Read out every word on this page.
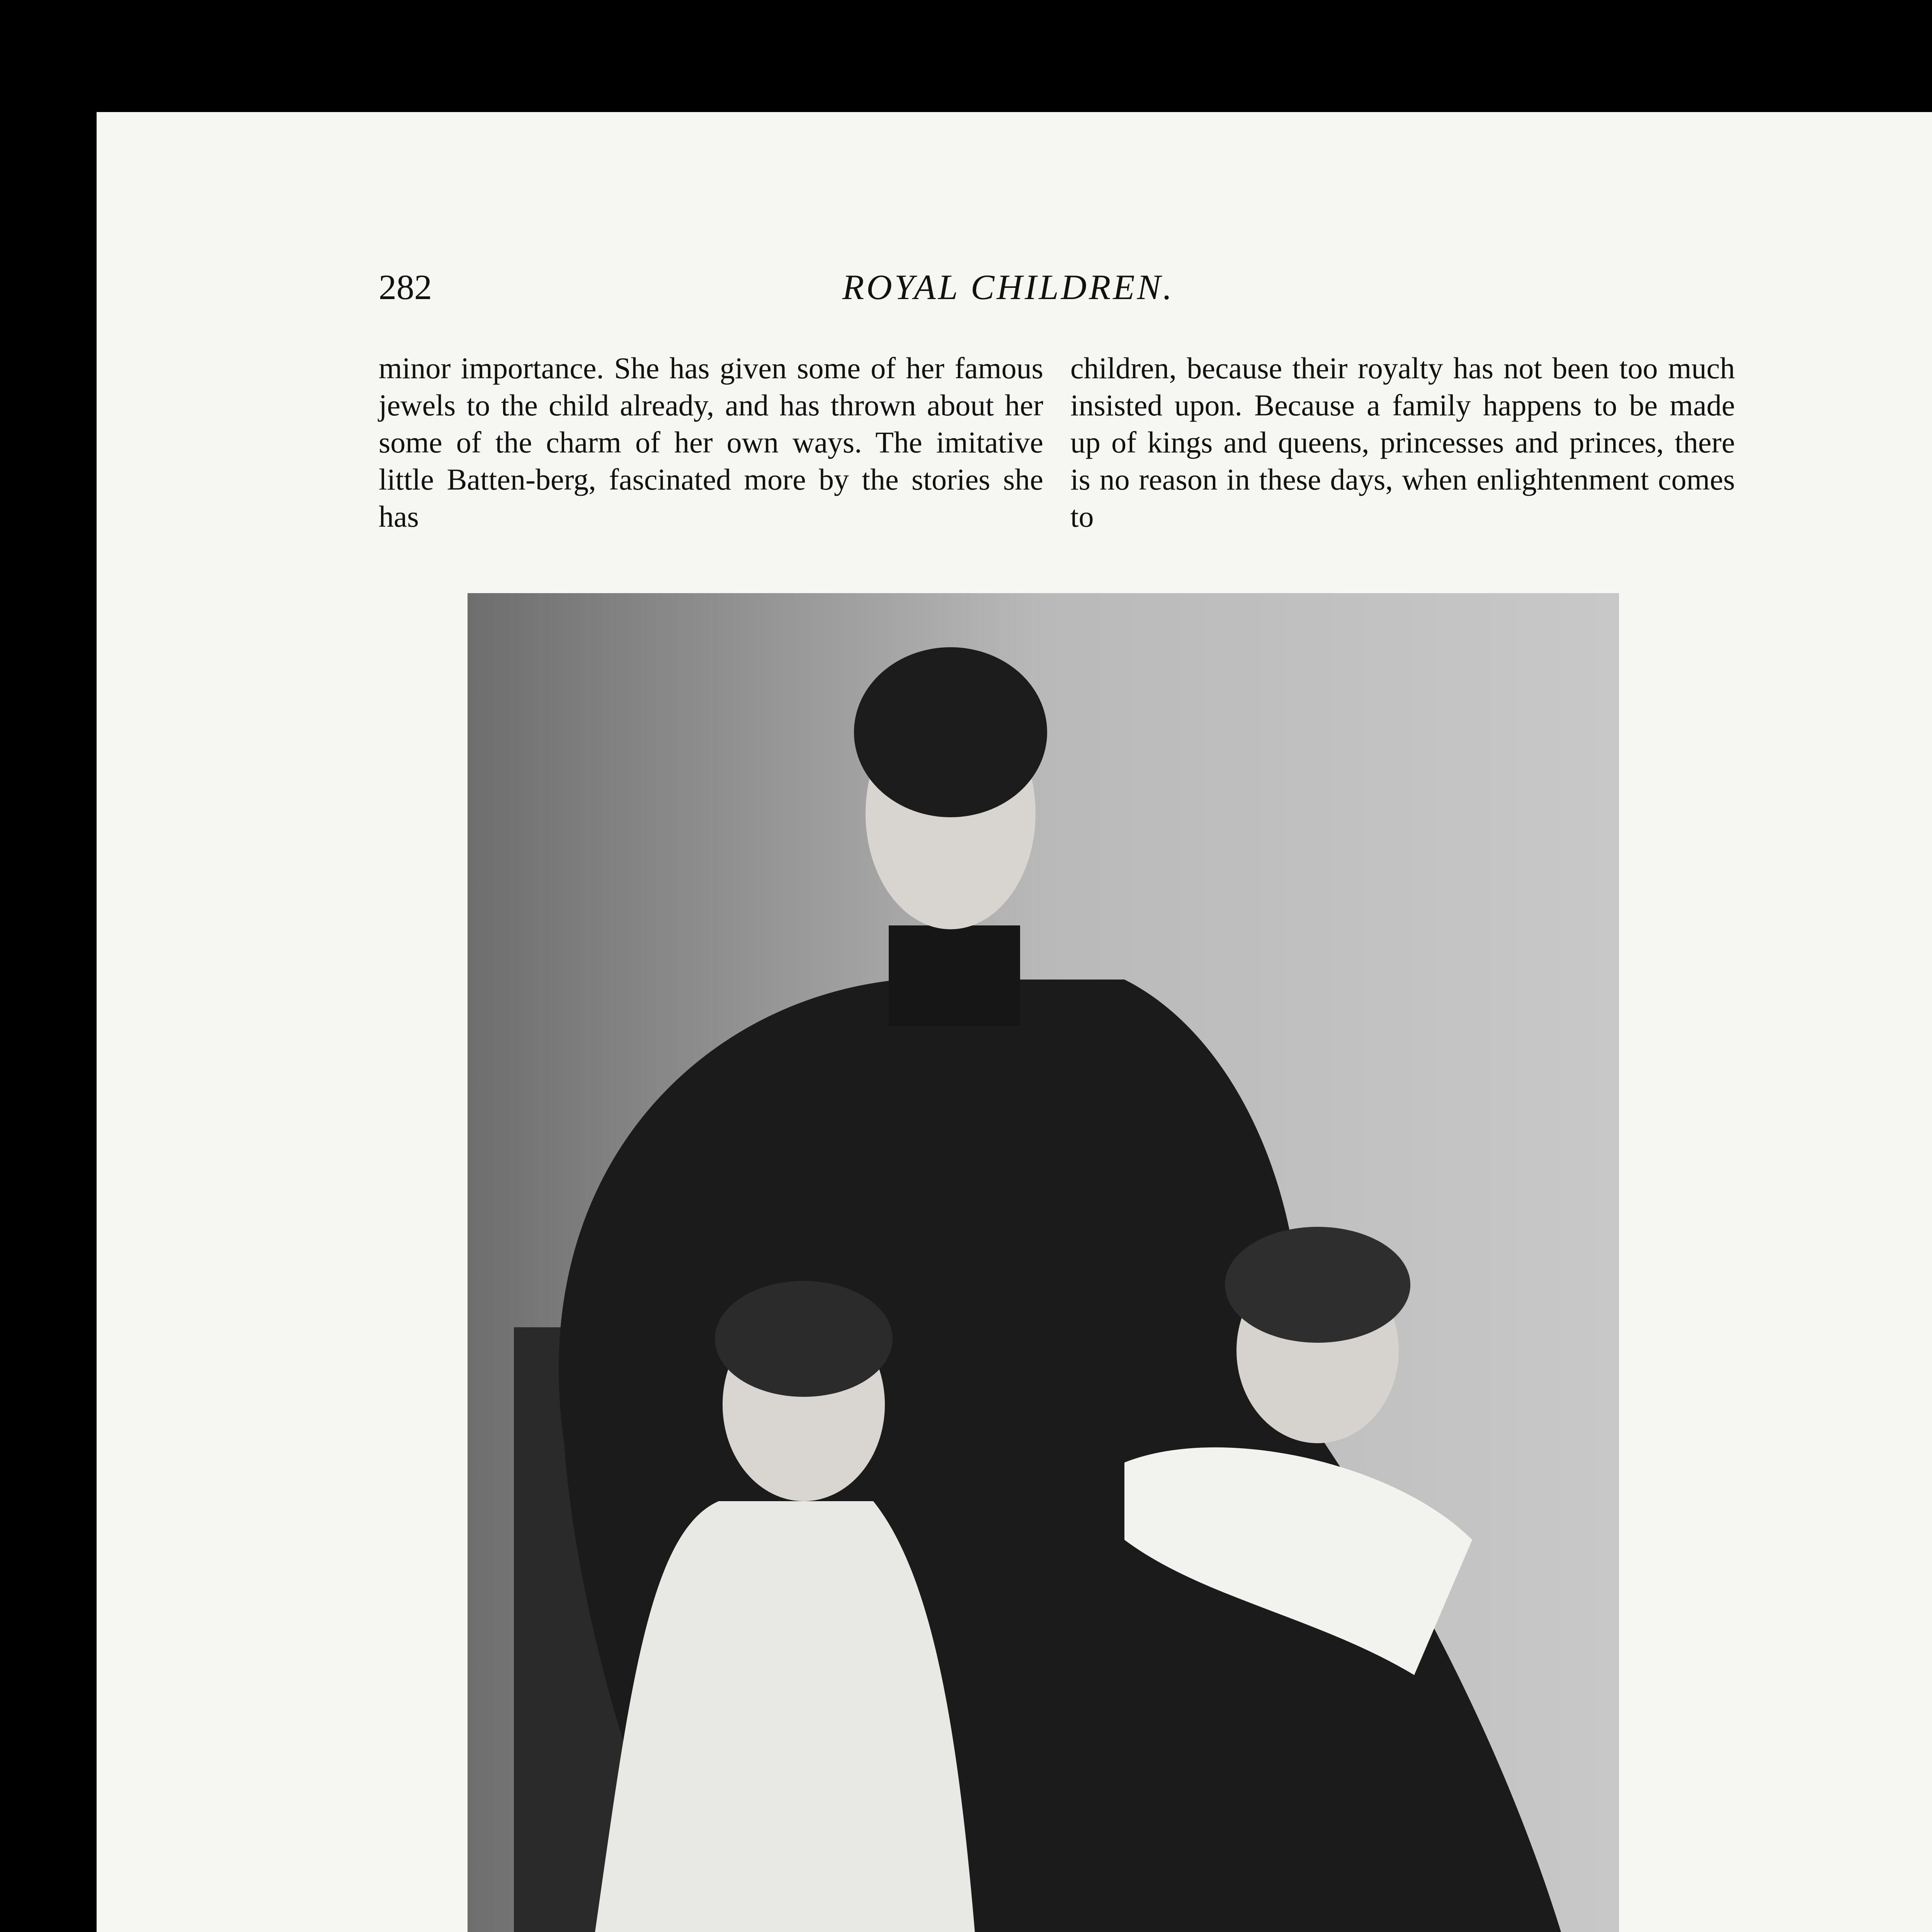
282	ROYAL CHILDREN.

minor importance. She has given some of her famous jewels to the child already, and has thrown about her some of the charm of her own ways. The imitative little Batten-berg, fascinated more by the stories she has

children, because their royalty has not been too much insisted upon. Because a family happens to be made up of kings and queens, princesses and princes, there is no reason in these days, when enlightenment comes to
